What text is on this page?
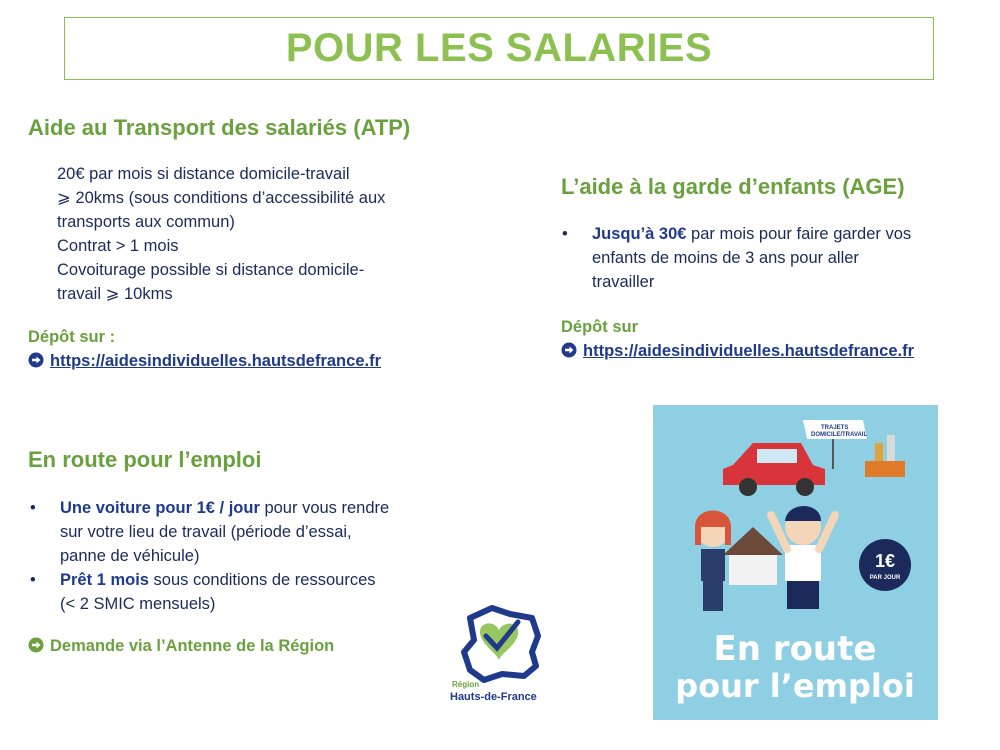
POUR LES SALARIES
Aide au Transport des salariés (ATP)
20€ par mois si distance domicile-travail
⩾ 20kms (sous conditions d’accessibilité aux
transports aux commun)
Contrat > 1 mois
Covoiturage possible si distance domicile-
travail ⩾ 10kms
Dépôt sur :
https://aidesindividuelles.hautsdefrance.fr
L’aide à la garde d’enfants (AGE)
• Jusqu’à 30€ par mois pour faire garder vos
enfants de moins de 3 ans pour aller
travailler
Dépôt sur
https://aidesindividuelles.hautsdefrance.fr
En route pour l’emploi
• Une voiture pour 1€ / jour pour vous rendre
sur votre lieu de travail (période d’essai,
panne de véhicule)
• Prêt 1 mois sous conditions de ressources
(< 2 SMIC mensuels)
Demande via l’Antenne de la Région
Région
Hauts-de-France
TRAJETS
DOMICILE/TRAVAIL
1€
PAR JOUR
En route
pour l’emploi
